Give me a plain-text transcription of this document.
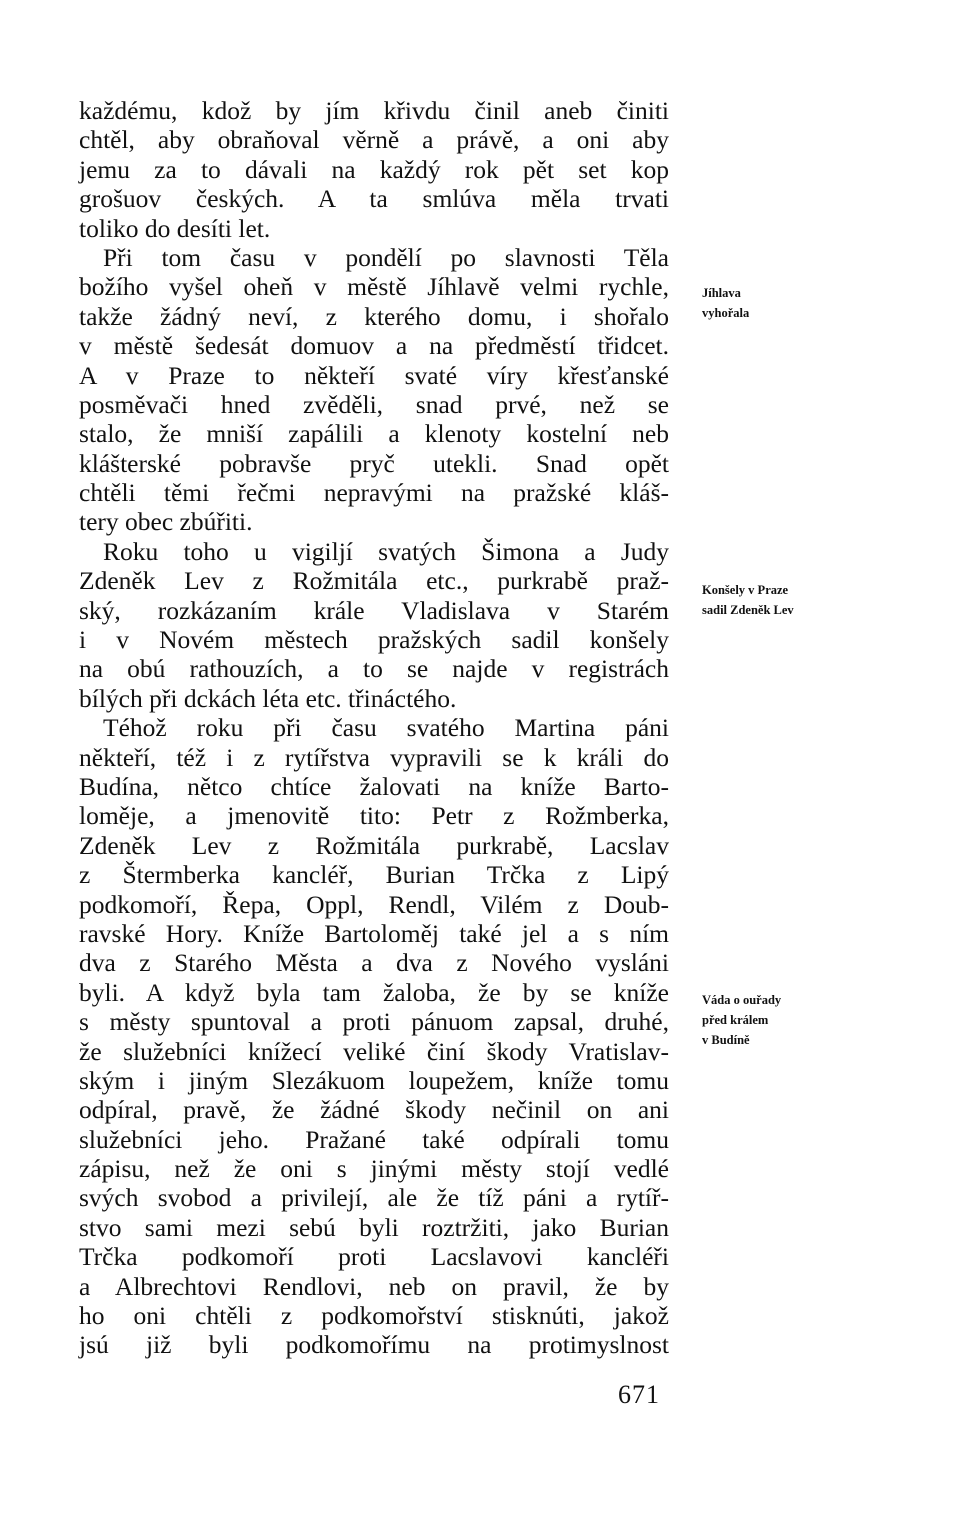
každému, kdož by jím křivdu činil aneb činiti
chtěl, aby obraňoval věrně a právě, a oni aby
jemu za to dávali na každý rok pět set kop
grošuov českých. A ta smlúva měla trvati
toliko do desíti let.
Při tom času v pondělí po slavnosti Těla
božího vyšel oheň v městě Jíhlavě velmi rychle,
takže žádný neví, z kterého domu, i shořalo
v městě šedesát domuov a na předměstí třidcet.
A v Praze to někteří svaté víry křesťanské
posměvači hned zvěděli, snad prvé, než se
stalo, že mniší zapálili a klenoty kostelní neb
klášterské pobravše pryč utekli. Snad opět
chtěli těmi řečmi nepravými na pražské kláš-
tery obec zbúřiti.
Roku toho u vigiljí svatých Šimona a Judy
Zdeněk Lev z Rožmitála etc., purkrabě praž-
ský, rozkázaním krále Vladislava v Starém
i v Novém městech pražských sadil konšely
na obú rathouzích, a to se najde v registrách
bílých při dckách léta etc. třináctého.
Téhož roku při času svatého Martina páni
někteří, též i z rytířstva vypravili se k králi do
Budína, nětco chtíce žalovati na kníže Barto-
loměje, a jmenovitě tito: Petr z Rožmberka,
Zdeněk Lev z Rožmitála purkrabě, Lacslav
z Štermberka kancléř, Burian Trčka z Lipý
podkomoří, Řepa, Oppl, Rendl, Vilém z Doub-
ravské Hory. Kníže Bartoloměj také jel a s ním
dva z Starého Města a dva z Nového vysláni
byli. A když byla tam žaloba, že by se kníže
s městy spuntoval a proti pánuom zapsal, druhé,
že služebníci knížecí veliké činí škody Vratislav-
ským i jiným Slezákuom loupežem, kníže tomu
odpíral, pravě, že žádné škody nečinil on ani
služebníci jeho. Pražané také odpírali tomu
zápisu, než že oni s jinými městy stojí vedlé
svých svobod a privilejí, ale že tíž páni a rytíř-
stvo sami mezi sebú byli roztržiti, jako Burian
Trčka podkomoří proti Lacslavovi kancléři
a Albrechtovi Rendlovi, neb on pravil, že by
ho oni chtěli z podkomořství stisknúti, jakož
jsú již byli podkomořímu na protimyslnost
Jíhlava
vyhořala
Konšely v Praze
sadil Zdeněk Lev
Váda o ouřady
před králem
v Budíně
671
